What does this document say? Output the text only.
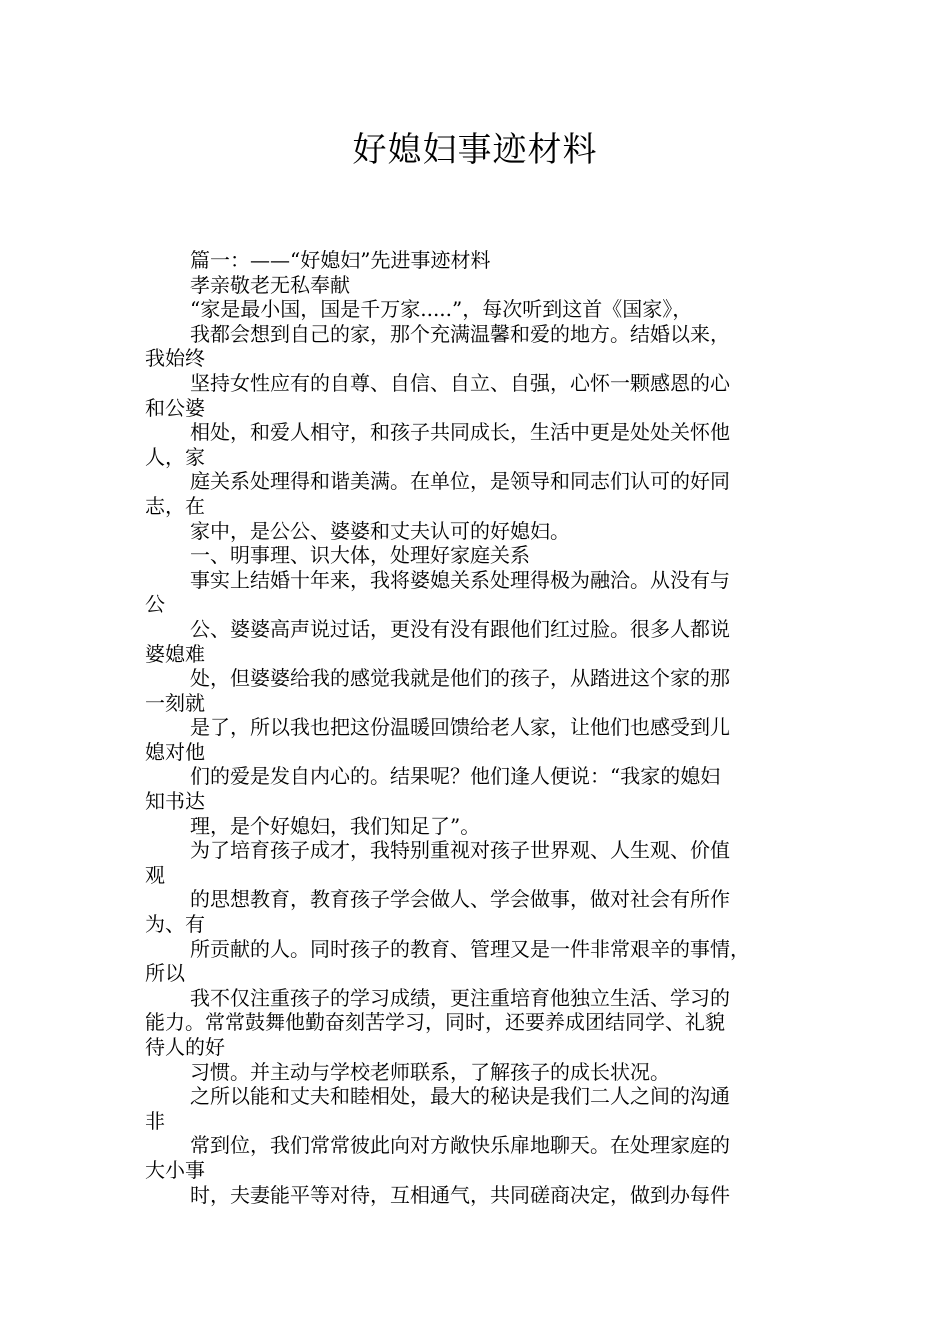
好媳妇事迹材料

篇一：——“好媳妇”先进事迹材料

孝亲敬老无私奉献

“家是最小国，国是千万家.....”，每次听到这首《国家》，

我都会想到自己的家，那个充满温馨和爱的地方。结婚以来，

我始终

坚持女性应有的自尊、自信、自立、自强，心怀一颗感恩的心

和公婆

相处，和爱人相守，和孩子共同成长，生活中更是处处关怀他

人，家

庭关系处理得和谐美满。在单位，是领导和同志们认可的好同

志，在

家中，是公公、婆婆和丈夫认可的好媳妇。

一、明事理、识大体，处理好家庭关系

事实上结婚十年来，我将婆媳关系处理得极为融洽。从没有与

公

公、婆婆高声说过话，更没有没有跟他们红过脸。很多人都说

婆媳难

处，但婆婆给我的感觉我就是他们的孩子，从踏进这个家的那

一刻就

是了，所以我也把这份温暖回馈给老人家，让他们也感受到儿

媳对他

们的爱是发自内心的。结果呢？他们逢人便说：“我家的媳妇

知书达

理，是个好媳妇，我们知足了”。

为了培育孩子成才，我特别重视对孩子世界观、人生观、价值

观

的思想教育，教育孩子学会做人、学会做事，做对社会有所作

为、有

所贡献的人。同时孩子的教育、管理又是一件非常艰辛的事情，

所以

我不仅注重孩子的学习成绩，更注重培育他独立生活、学习的

能力。常常鼓舞他勤奋刻苦学习，同时，还要养成团结同学、礼貌

待人的好

习惯。并主动与学校老师联系，了解孩子的成长状况。

之所以能和丈夫和睦相处，最大的秘诀是我们二人之间的沟通

非

常到位，我们常常彼此向对方敞快乐扉地聊天。在处理家庭的

大小事

时，夫妻能平等对待，互相通气，共同磋商决定，做到办每件
